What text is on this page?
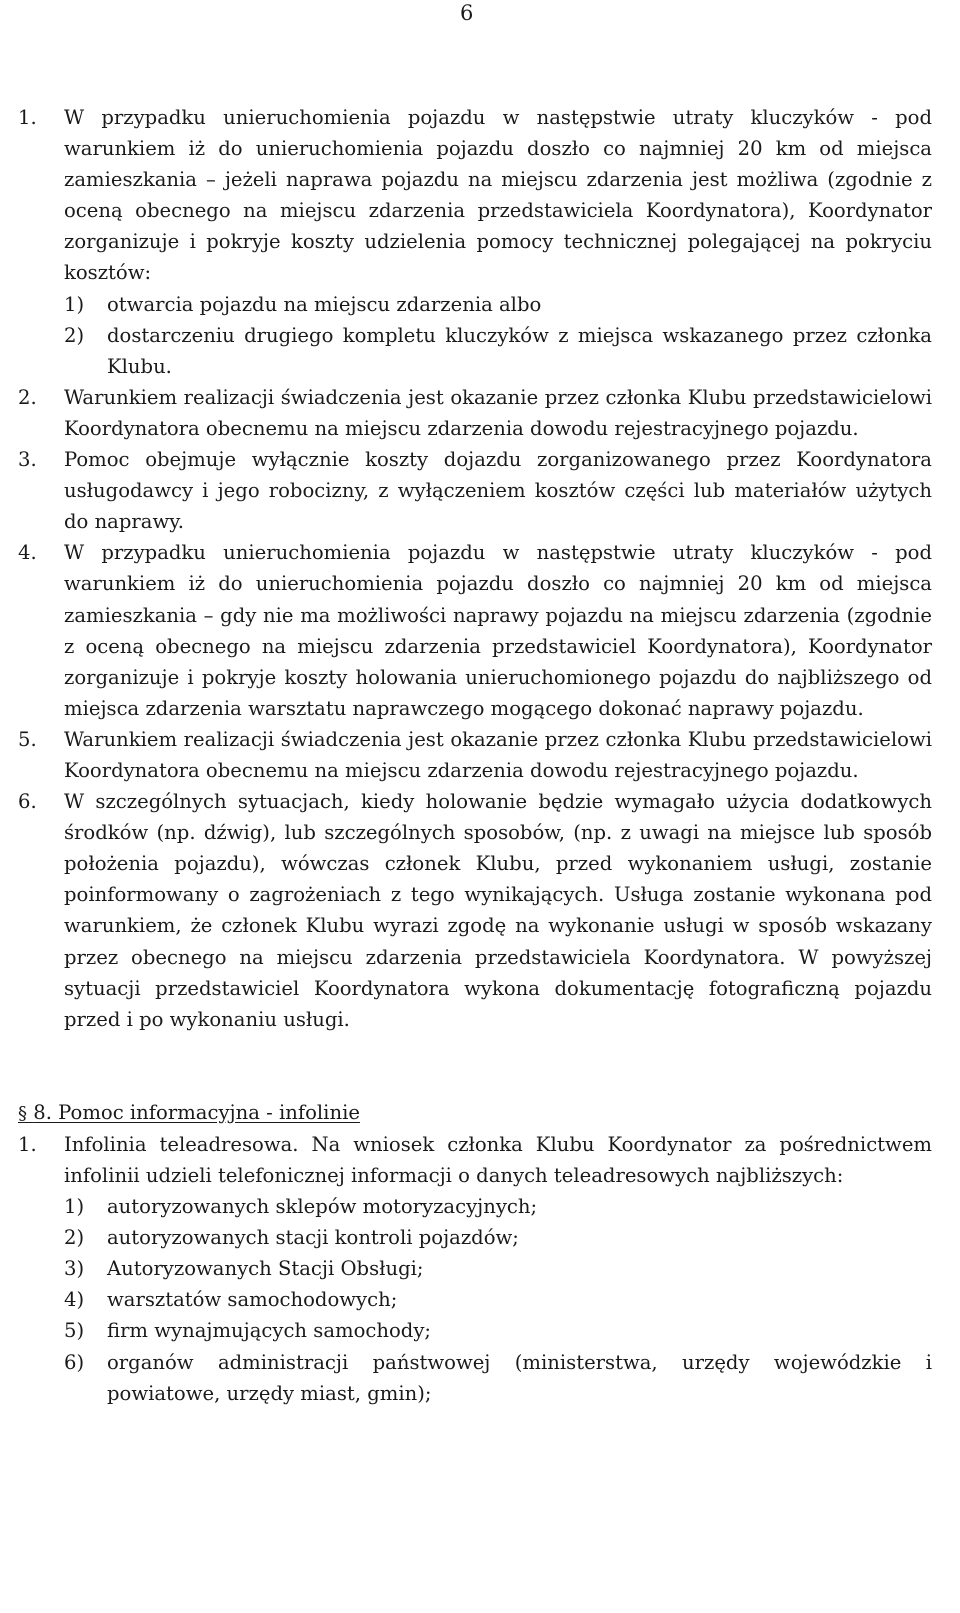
6
1. W przypadku unieruchomienia pojazdu w następstwie utraty kluczyków - pod warunkiem iż do unieruchomienia pojazdu doszło co najmniej 20 km od miejsca zamieszkania – jeżeli naprawa pojazdu na miejscu zdarzenia jest możliwa (zgodnie z oceną obecnego na miejscu zdarzenia przedstawiciela Koordynatora), Koordynator zorganizuje i pokryje koszty udzielenia pomocy technicznej polegającej na pokryciu kosztów:
1) otwarcia pojazdu na miejscu zdarzenia albo
2) dostarczeniu drugiego kompletu kluczyków z miejsca wskazanego przez członka Klubu.
2. Warunkiem realizacji świadczenia jest okazanie przez członka Klubu przedstawicielowi Koordynatora obecnemu na miejscu zdarzenia dowodu rejestracyjnego pojazdu.
3. Pomoc obejmuje wyłącznie koszty dojazdu zorganizowanego przez Koordynatora usługodawcy i jego robocizny, z wyłączeniem kosztów części lub materiałów użytych do naprawy.
4. W przypadku unieruchomienia pojazdu w następstwie utraty kluczyków - pod warunkiem iż do unieruchomienia pojazdu doszło co najmniej 20 km od miejsca zamieszkania – gdy nie ma możliwości naprawy pojazdu na miejscu zdarzenia (zgodnie z oceną obecnego na miejscu zdarzenia przedstawiciel Koordynatora), Koordynator zorganizuje i pokryje koszty holowania unieruchomionego pojazdu do najbliższego od miejsca zdarzenia warsztatu naprawczego mogącego dokonać naprawy pojazdu.
5. Warunkiem realizacji świadczenia jest okazanie przez członka Klubu przedstawicielowi Koordynatora obecnemu na miejscu zdarzenia dowodu rejestracyjnego pojazdu.
6. W szczególnych sytuacjach, kiedy holowanie będzie wymagało użycia dodatkowych środków (np. dźwig), lub szczególnych sposobów, (np. z uwagi na miejsce lub sposób położenia pojazdu), wówczas członek Klubu, przed wykonaniem usługi, zostanie poinformowany o zagrożeniach z tego wynikających. Usługa zostanie wykonana pod warunkiem, że członek Klubu wyrazi zgodę na wykonanie usługi w sposób wskazany przez obecnego na miejscu zdarzenia przedstawiciela Koordynatora. W powyższej sytuacji przedstawiciel Koordynatora wykona dokumentację fotograficzną pojazdu przed i po wykonaniu usługi.
§ 8. Pomoc informacyjna - infolinie
1. Infolinia teleadresowa. Na wniosek członka Klubu Koordynator za pośrednictwem infolinii udzieli telefonicznej informacji o danych teleadresowych najbliższych:
1) autoryzowanych sklepów motoryzacyjnych;
2) autoryzowanych stacji kontroli pojazdów;
3) Autoryzowanych Stacji Obsługi;
4) warsztatów samochodowych;
5) firm wynajmujących samochody;
6) organów administracji państwowej (ministerstwa, urzędy wojewódzkie i powiatowe, urzędy miast, gmin);
